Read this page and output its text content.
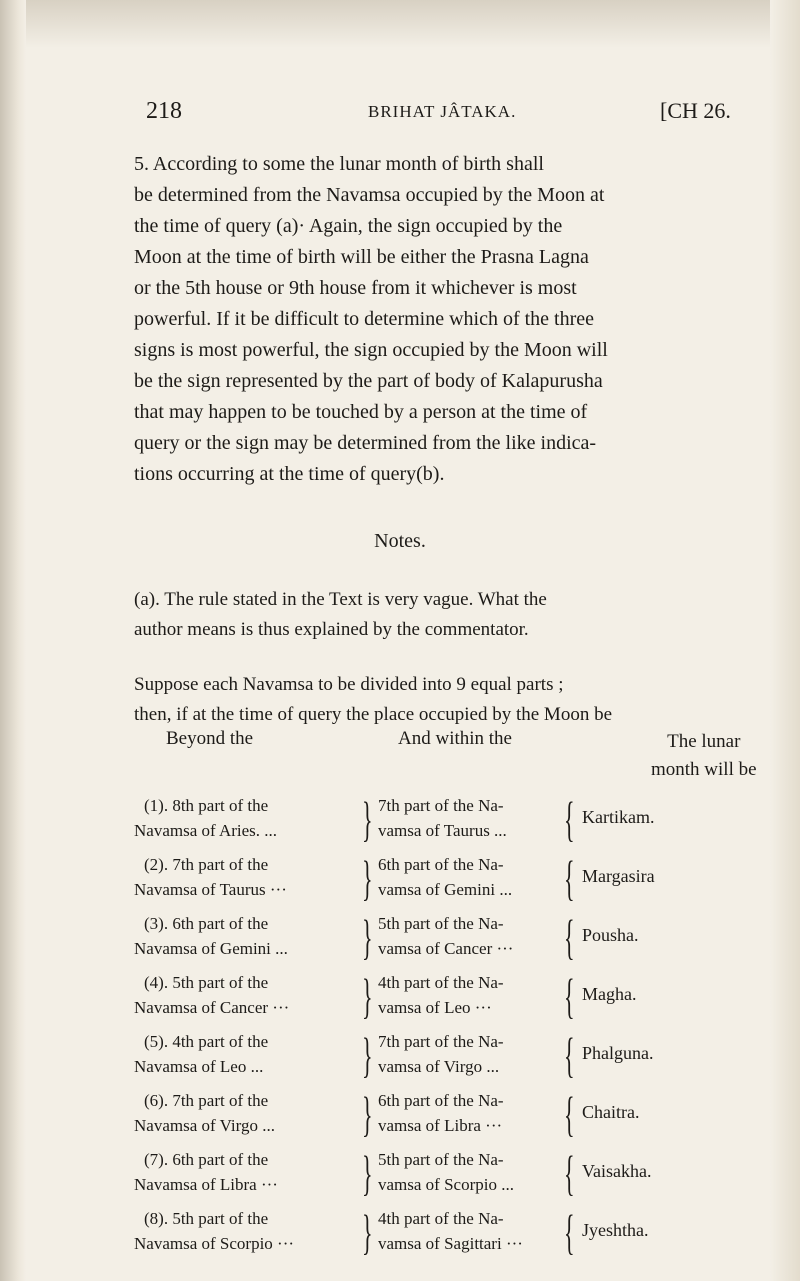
218	BRIHAT JÂTAKA.	[CH 26.
5. According to some the lunar month of birth shall
be determined from the Navamsa occupied by the Moon at
the time of query (a)· Again, the sign occupied by the
Moon at the time of birth will be either the Prasna Lagna
or the 5th house or 9th house from it whichever is most
powerful. If it be difficult to determine which of the three
signs is most powerful, the sign occupied by the Moon will
be the sign represented by the part of body of Kalapurusha
that may happen to be touched by a person at the time of
query or the sign may be determined from the like indica-
tions occurring at the time of query(b).
Notes.
(a). The rule stated in the Text is very vague. What the
author means is thus explained by the commentator.
Suppose each Navamsa to be divided into 9 equal parts ;
then, if at the time of query the place occupied by the Moon be
Beyond the	And within the	The lunar
month will be
(1). 8th part of the
Navamsa of Aries. ...	} 7th part of the Na-
vamsa of Taurus ...	{ Kartikam.
(2). 7th part of the
Navamsa of Taurus ···	} 6th part of the Na-
vamsa of Gemini ...	{ Margasira
(3). 6th part of the
Navamsa of Gemini ...	} 5th part of the Na-
vamsa of Cancer ···	{ Pousha.
(4). 5th part of the
Navamsa of Cancer ···	} 4th part of the Na-
vamsa of Leo ···	{ Magha.
(5). 4th part of the
Navamsa of Leo ...	} 7th part of the Na-
vamsa of Virgo ...	{ Phalguna.
(6). 7th part of the
Navamsa of Virgo ...	} 6th part of the Na-
vamsa of Libra ···	{ Chaitra.
(7). 6th part of the
Navamsa of Libra ···	} 5th part of the Na-
vamsa of Scorpio ...	{ Vaisakha.
(8). 5th part of the
Navamsa of Scorpio ···	} 4th part of the Na-
vamsa of Sagittari ···	{ Jyeshtha.
